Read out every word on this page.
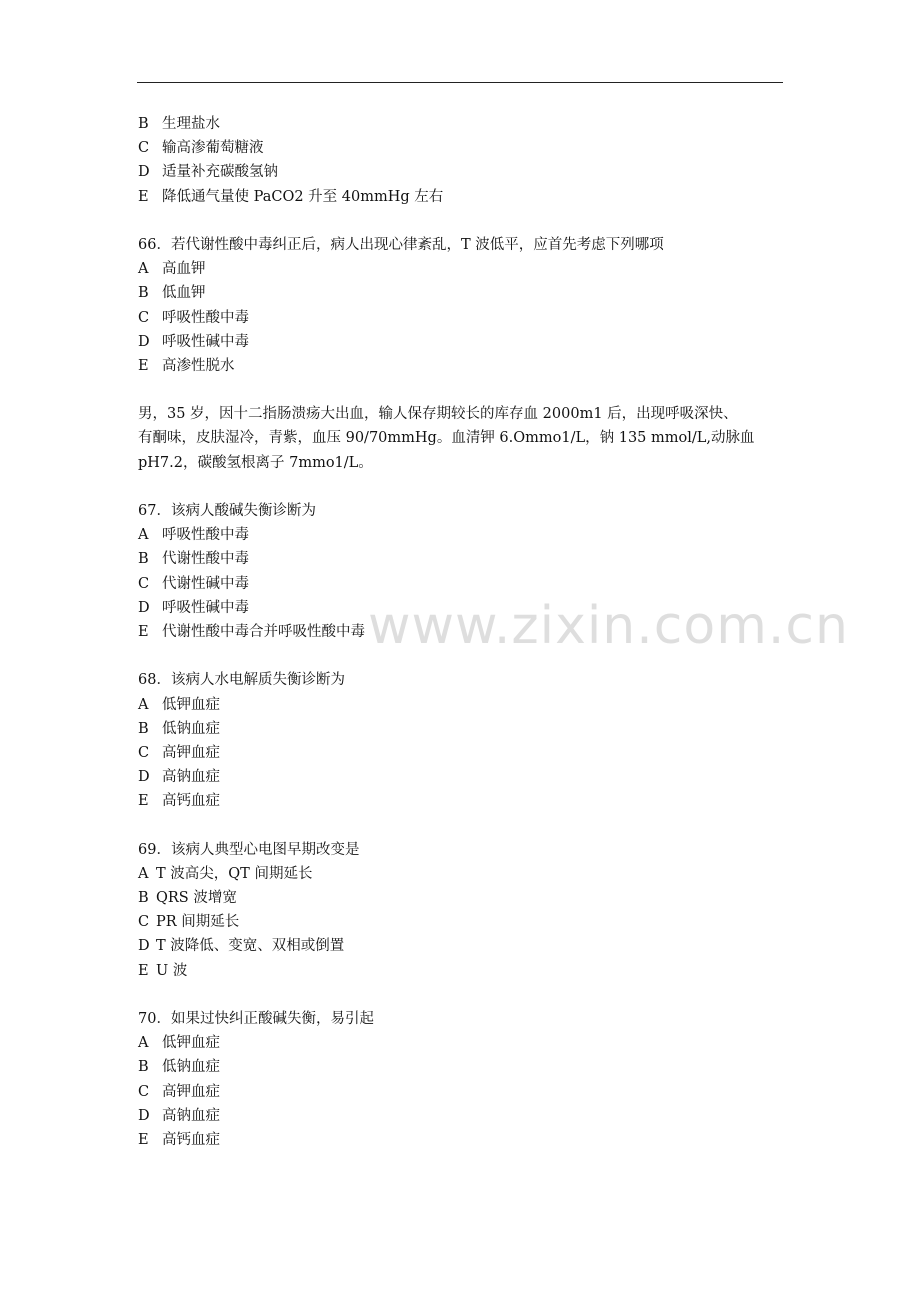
B 生理盐水
C 输高渗葡萄糖液
D 适量补充碳酸氢钠
E 降低通气量使 PaCO2 升至 40mmHg 左右
66．若代谢性酸中毒纠正后，病人出现心律紊乱，T 波低平，应首先考虑下列哪项
A 高血钾
B 低血钾
C 呼吸性酸中毒
D 呼吸性碱中毒
E 高渗性脱水
男，35 岁，因十二指肠溃疡大出血，输人保存期较长的库存血 2000m1 后，出现呼吸深快、
有酮味，皮肤湿冷，青紫，血压 90/70mmHg。血清钾 6.Ommo1/L，钠 135 mmol/L,动脉血
pH7.2，碳酸氢根离子 7mmo1/L。
67．该病人酸碱失衡诊断为
A 呼吸性酸中毒
B 代谢性酸中毒
C 代谢性碱中毒
D 呼吸性碱中毒
E 代谢性酸中毒合并呼吸性酸中毒
68．该病人水电解质失衡诊断为
A 低钾血症
B 低钠血症
C 高钾血症
D 高钠血症
E 高钙血症
69．该病人典型心电图早期改变是
A T 波高尖，QT 间期延长
B QRS 波增宽
C PR 间期延长
D T 波降低、变宽、双相或倒置
E U 波
70．如果过快纠正酸碱失衡，易引起
A 低钾血症
B 低钠血症
C 高钾血症
D 高钠血症
E 高钙血症
www.zixin.com.cn
